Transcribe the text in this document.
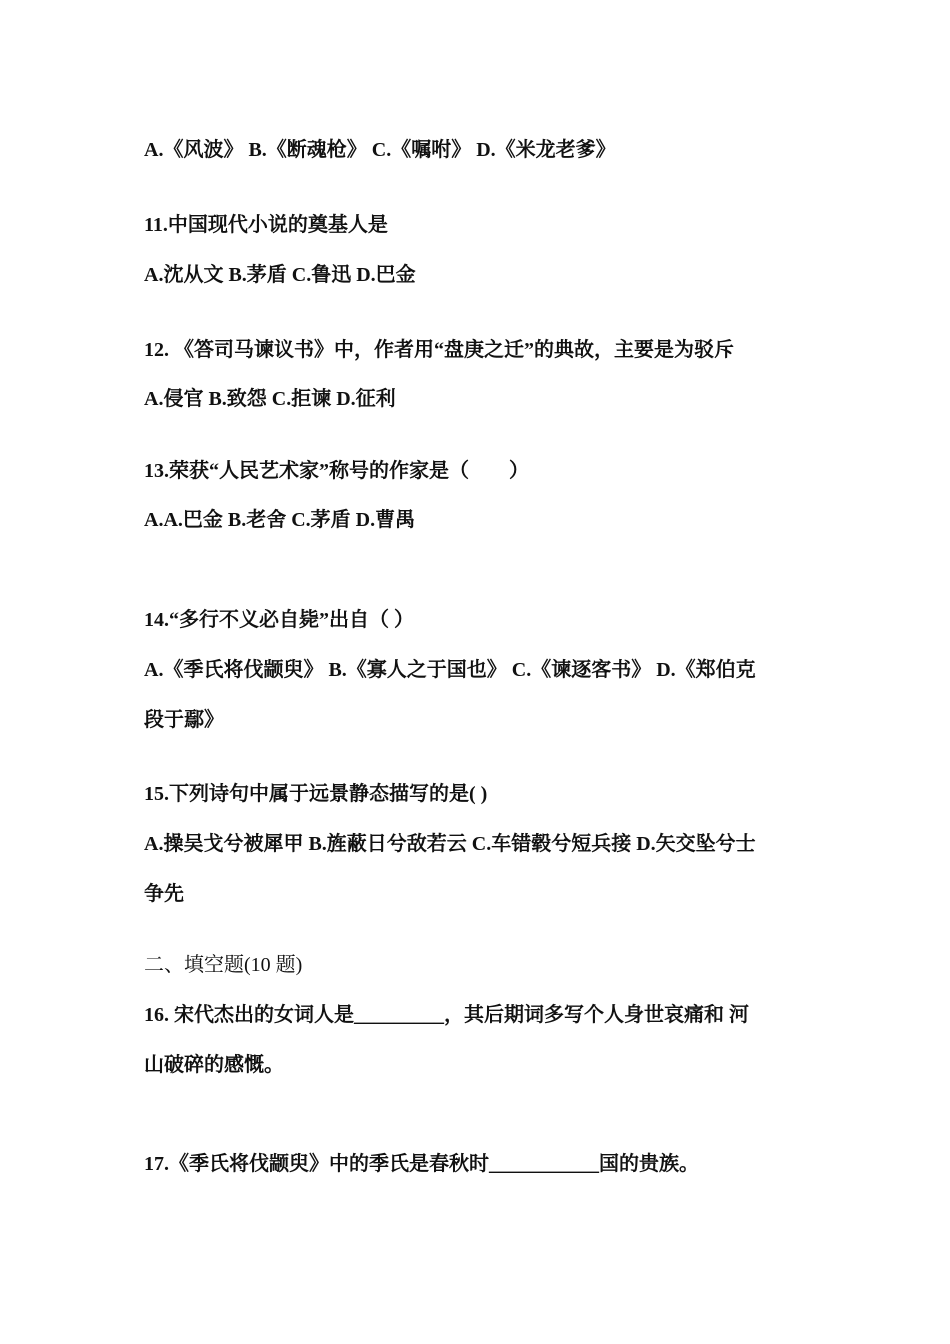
A.《风波》 B.《断魂枪》 C.《嘱咐》 D.《米龙老爹》
11.中国现代小说的奠基人是
A.沈从文 B.茅盾 C.鲁迅 D.巴金
12. 《答司马谏议书》中，作者用“盘庚之迁”的典故，主要是为驳斥
A.侵官 B.致怨 C.拒谏 D.征利
13.荣获“人民艺术家”称号的作家是（　　）
A.A.巴金 B.老舍 C.茅盾 D.曹禺
14.“多行不义必自毙”出自（ ）
A.《季氏将伐颛臾》 B.《寡人之于国也》 C.《谏逐客书》 D.《郑伯克
段于鄢》
15.下列诗句中属于远景静态描写的是( )
A.操吴戈兮被犀甲 B.旌蔽日兮敌若云 C.车错毂兮短兵接 D.矢交坠兮士
争先
二、填空题(10 题)
16. 宋代杰出的女词人是_________，其后期词多写个人身世哀痛和 河
山破碎的感慨。
17.《季氏将伐颛臾》中的季氏是春秋时___________国的贵族。
